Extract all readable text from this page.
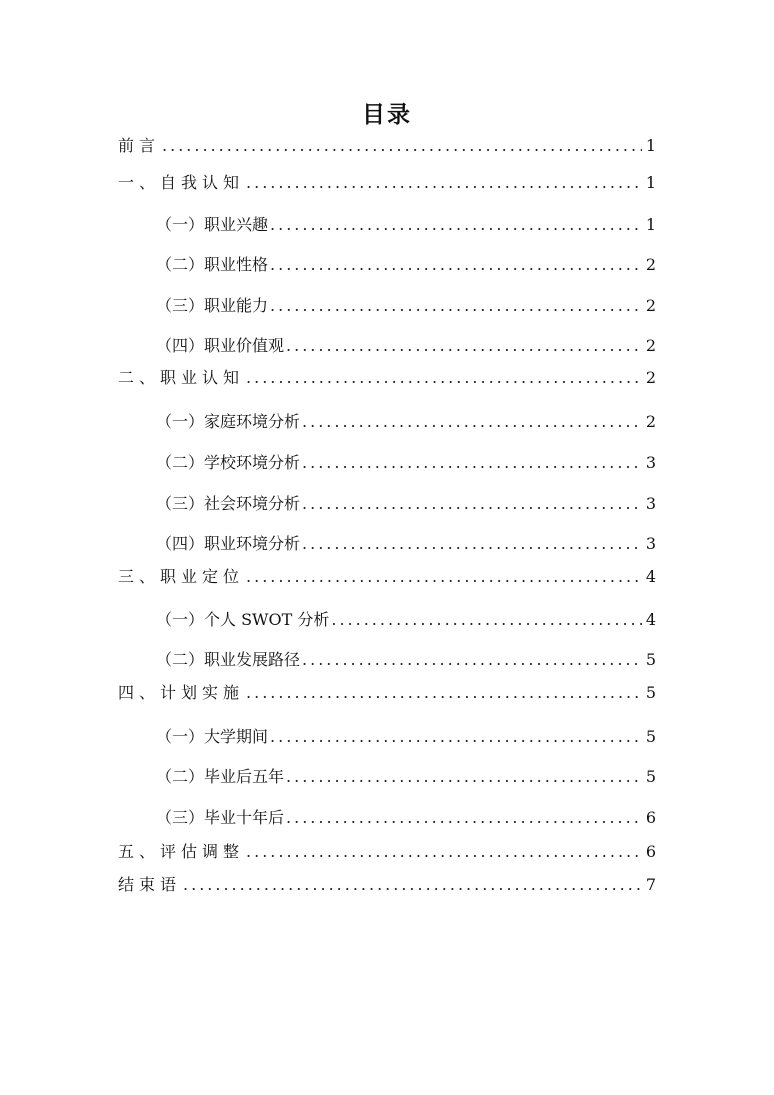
目录
前言 .....	1
一、自我认知 .....	1
（一）职业兴趣 .....	1
（二）职业性格 .....	2
（三）职业能力 .....	2
（四）职业价值观 .....	2
二、职业认知 .....	2
（一）家庭环境分析 .....	2
（二）学校环境分析 .....	3
（三）社会环境分析 .....	3
（四）职业环境分析 .....	3
三、职业定位 .....	4
（一）个人 SWOT 分析 .....	4
（二）职业发展路径 .....	5
四、计划实施 .....	5
（一）大学期间 .....	5
（二）毕业后五年 .....	5
（三）毕业十年后 .....	6
五、评估调整 .....	6
结束语 .....	7
